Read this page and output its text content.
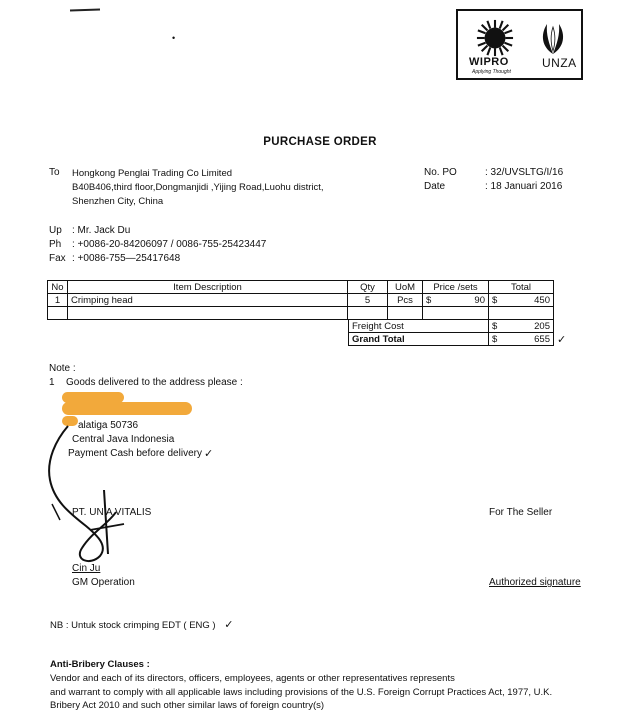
•
WIPRO
Applying Thought
UNZA
PURCHASE ORDER
To Hongkong Penglai Trading Co Limited
B40B406,third floor,Dongmanjidi ,Yijing Road,Luohu district,
Shenzhen City, China
No. PO	: 32/UVSLTG/I/16
Date	: 18 Januari 2016
Up : Mr. Jack Du
Ph : +0086-20-84206097 / 0086-755-25423447
Fax : +0086-755—25417648
No	Item Description	Qty	UoM	Price /sets	Total
1	Crimping head	5	Pcs	$ 90	$ 450

Freight Cost	$ 205

Grand Total	$ 655 ✓
Note :
1 Goods delivered to the address please :
alatiga 50736
Central Java Indonesia
Payment Cash before delivery ✓
PT. UN A VITALIS
Cin Ju
GM Operation
For The Seller
Authorized signature
NB : Untuk stock crimping EDT ( ENG ) ✓
Anti-Bribery Clauses :
Vendor and each of its directors, officers, employees, agents or other representatives represents
and warrant to comply with all applicable laws including provisions of the U.S. Foreign Corrupt Practices Act, 1977, U.K.
Bribery Act 2010 and such other similar laws of foreign country(s)
